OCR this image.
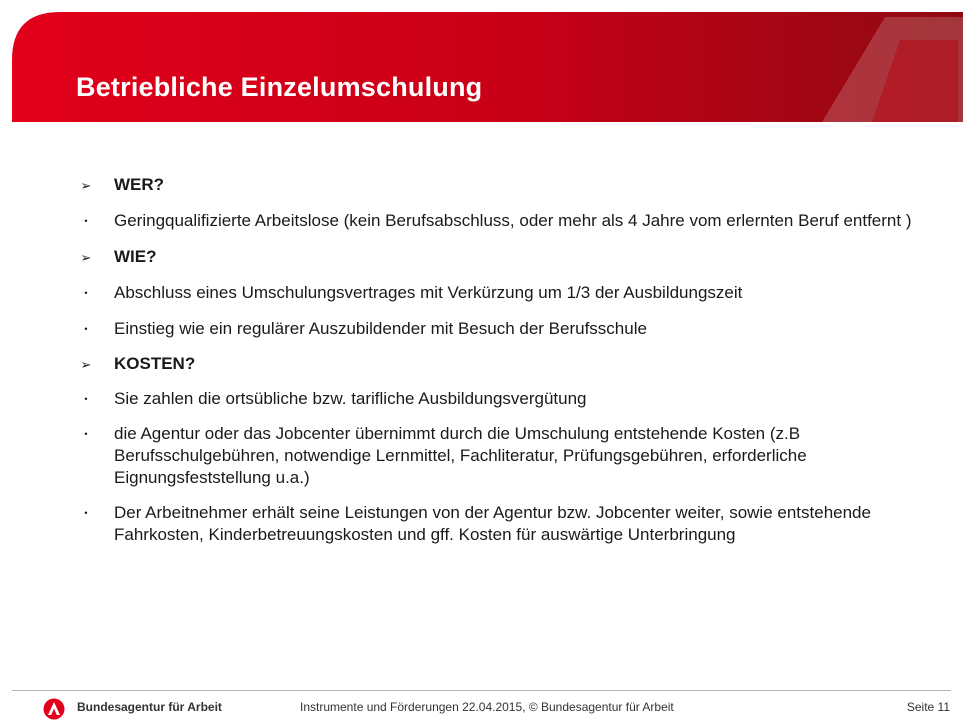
Betriebliche Einzelumschulung

➢ WER?

•	Geringqualifizierte Arbeitslose (kein Berufsabschluss, oder mehr als 4 Jahre vom erlernten Beruf entfernt )

➢ WIE?

•	Abschluss eines Umschulungsvertrages mit Verkürzung um 1/3 der Ausbildungszeit

•	Einstieg wie ein regulärer Auszubildender mit Besuch der Berufsschule

➢ KOSTEN?

•	Sie zahlen die ortsübliche bzw. tarifliche Ausbildungsvergütung

•	die Agentur oder das Jobcenter übernimmt durch die Umschulung entstehende Kosten (z.B Berufsschulgebühren, notwendige Lernmittel, Fachliteratur, Prüfungsgebühren, erforderliche Eignungsfeststellung u.a.)

•	Der Arbeitnehmer erhält seine Leistungen von der Agentur bzw. Jobcenter weiter, sowie entstehende Fahrkosten, Kinderbetreuungskosten und gff. Kosten für auswärtige Unterbringung

Bundesagentur für Arbeit	Instrumente und Förderungen 22.04.2015, © Bundesagentur für Arbeit	Seite 11
